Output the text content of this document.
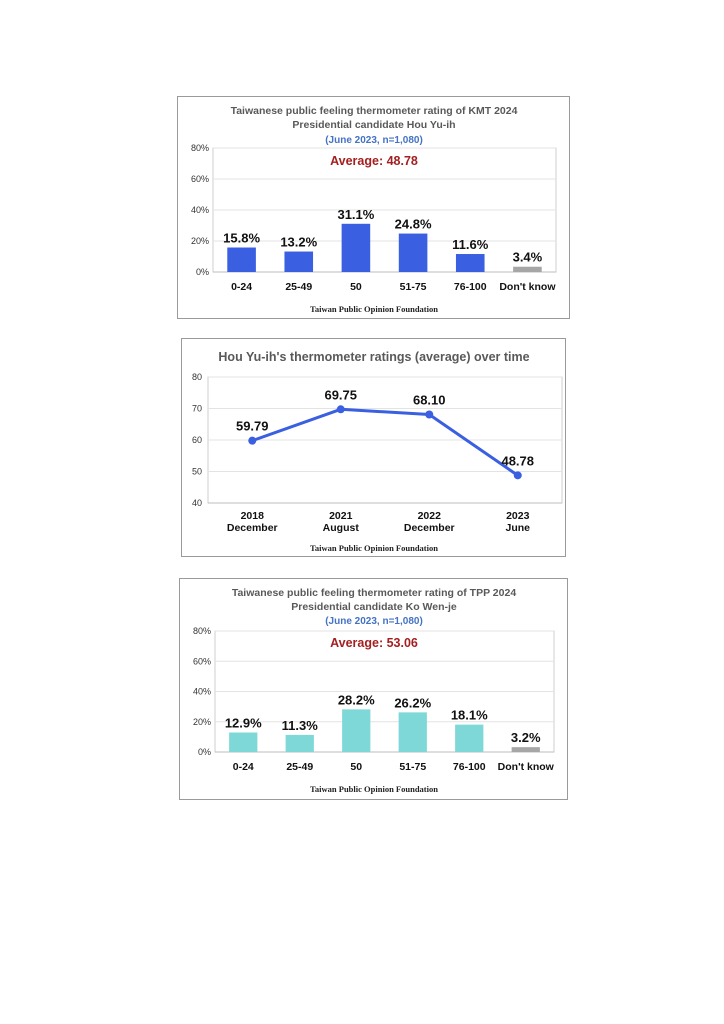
Taiwanese public feeling thermometer rating of KMT 2024
Presidential candidate Hou Yu-ih
(June 2023, n=1,080)
0%
20%
40%
60%
80%
15.8% 13.2%
31.1%
24.8%
11.6%
3.4%
0-24	25-49	50	51-75	76-100 Don't know
Average: 48.78
Taiwan Public Opinion Foundation
Hou Yu-ih's thermometer ratings (average) over time
40
50
60
70
80
59.79
69.75	68.10
48.78
2018
December
2021
August
2022
December
2023
June
Taiwan Public Opinion Foundation
Taiwanese public feeling thermometer rating of TPP 2024
Presidential candidate Ko Wen-je
(June 2023, n=1,080)
0%
20%
40%
60%
80%
12.9% 11.3%
28.2% 26.2%
18.1%
3.2%
0-24	25-49	50	51-75	76-100 Don't know
Average: 53.06
Taiwan Public Opinion Foundation
